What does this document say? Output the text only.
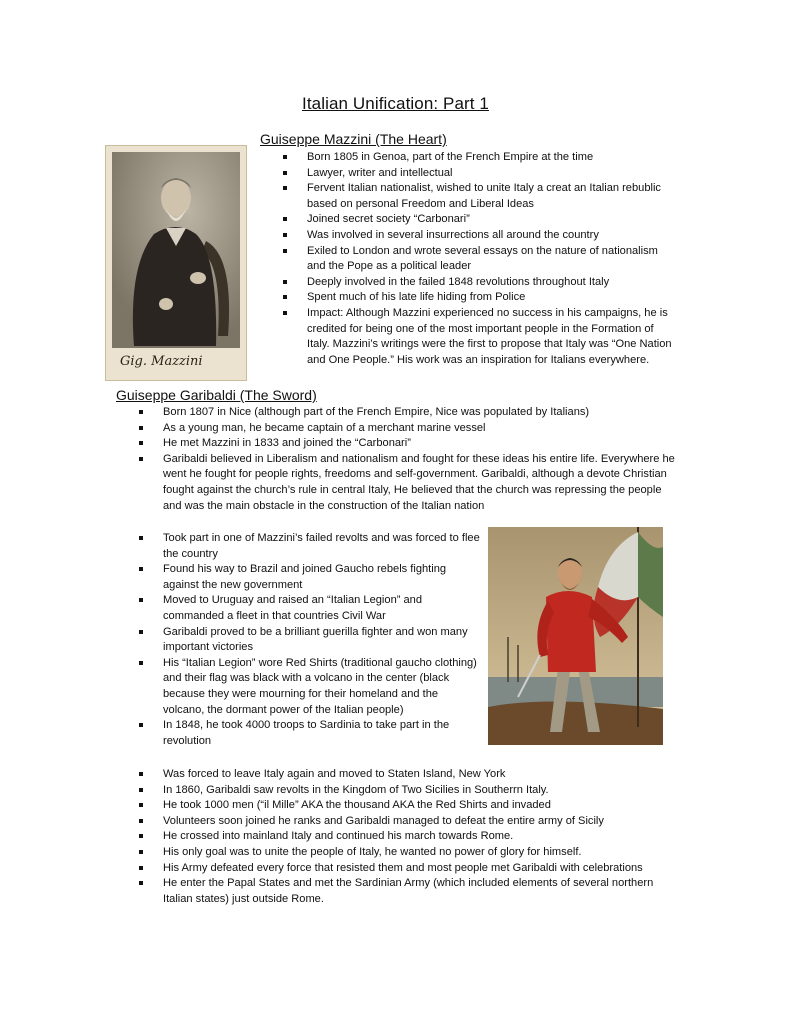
Italian Unification: Part 1
Gig. Mazzini
Guiseppe Mazzini (The Heart)
Born 1805 in Genoa, part of the French Empire at the time
Lawyer, writer and intellectual
Fervent Italian nationalist, wished to unite Italy a creat an Italian rebublic based on personal Freedom and Liberal Ideas
Joined secret society “Carbonari”
Was involved in several insurrections all around the country
Exiled to London and wrote several essays on the nature of nationalism and the Pope as a political leader
Deeply involved in the failed 1848 revolutions throughout Italy
Spent much of his late life hiding from Police
Impact: Although Mazzini experienced no success in his campaigns, he is credited for being one of the most important people in the Formation of Italy. Mazzini’s writings were the first to propose that Italy was “One Nation and One People.” His work was an inspiration for Italians everywhere.
Guiseppe Garibaldi (The Sword)
Born 1807 in Nice (although part of the French Empire, Nice was populated by Italians)
As a young man, he became captain of a merchant marine vessel
He met Mazzini in 1833 and joined the “Carbonari”
Garibaldi believed in Liberalism and nationalism and fought for these ideas his entire life. Everywhere he went he fought for people rights, freedoms and self-government. Garibaldi, although a devote Christian fought against the church’s rule in central Italy, He believed that the church was repressing the people and was the main obstacle in the construction of the Italian nation
Took part in one of Mazzini’s failed revolts and was forced to flee the country
Found his way to Brazil and joined Gaucho rebels fighting against the new government
Moved to Uruguay and raised an “Italian Legion” and commanded a fleet in that countries Civil War
Garibaldi proved to be a brilliant guerilla fighter and won many important victories
His “Italian Legion” wore Red Shirts (traditional gaucho clothing) and their flag was black with a volcano in the center (black because they were mourning for their homeland and the volcano, the dormant power of the Italian people)
In 1848, he took 4000 troops to Sardinia to take part in the revolution
Was forced to leave Italy again and moved to Staten Island, New York
In 1860, Garibaldi saw revolts in the Kingdom of Two Sicilies in Southerrn Italy.
He took 1000 men (“il Mille” AKA the thousand AKA the Red Shirts and invaded
Volunteers soon joined he ranks and Garibaldi managed to defeat the entire army of Sicily
He crossed into mainland Italy and continued his march towards Rome.
His only goal was to unite the people of Italy, he wanted no power of glory for himself.
His Army defeated every force that resisted them and most people met Garibaldi with celebrations
He enter the Papal States and met the Sardinian Army (which included elements of several northern Italian states) just outside Rome.
